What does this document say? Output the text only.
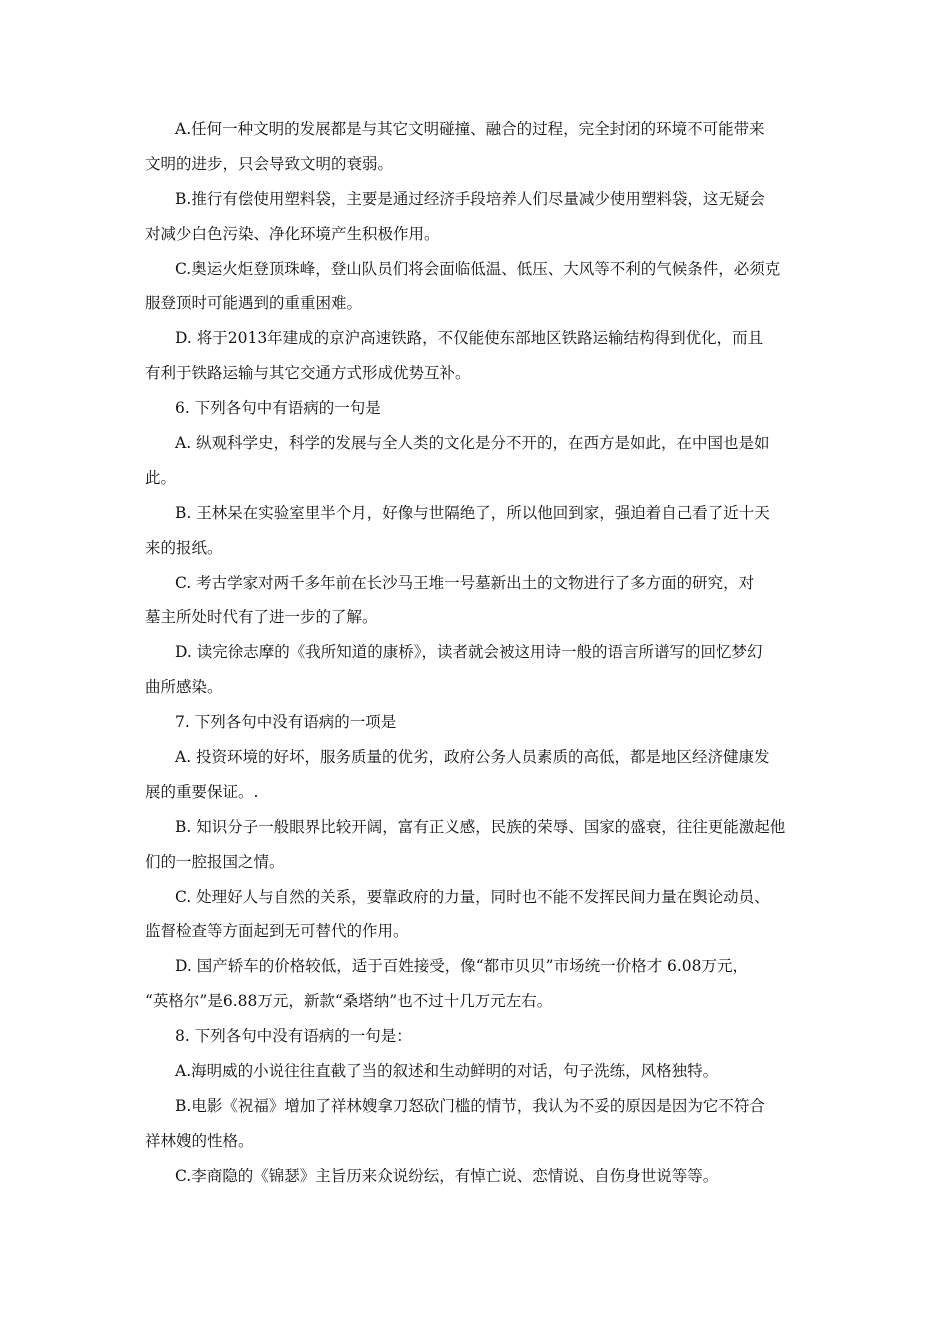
A.任何一种文明的发展都是与其它文明碰撞、融合的过程，完全封闭的环境不可能带来
文明的进步，只会导致文明的衰弱。
B.推行有偿使用塑料袋，主要是通过经济手段培养人们尽量减少使用塑料袋，这无疑会
对减少白色污染、净化环境产生积极作用。
C.奥运火炬登顶珠峰，登山队员们将会面临低温、低压、大风等不利的气候条件，必须克
服登顶时可能遇到的重重困难。
D. 将于2013年建成的京沪高速铁路，不仅能使东部地区铁路运输结构得到优化，而且
有利于铁路运输与其它交通方式形成优势互补。
6. 下列各句中有语病的一句是
A. 纵观科学史，科学的发展与全人类的文化是分不开的，在西方是如此，在中国也是如
此。
B. 王林呆在实验室里半个月，好像与世隔绝了，所以他回到家，强迫着自己看了近十天
来的报纸。
C. 考古学家对两千多年前在长沙马王堆一号墓新出土的文物进行了多方面的研究，对
墓主所处时代有了进一步的了解。
D. 读完徐志摩的《我所知道的康桥》，读者就会被这用诗一般的语言所谱写的回忆梦幻
曲所感染。
7. 下列各句中没有语病的一项是
A. 投资环境的好坏，服务质量的优劣，政府公务人员素质的高低，都是地区经济健康发
展的重要保证。.
B. 知识分子一般眼界比较开阔，富有正义感，民族的荣辱、国家的盛衰，往往更能激起他
们的一腔报国之情。
C. 处理好人与自然的关系，要靠政府的力量，同时也不能不发挥民间力量在舆论动员、
监督检查等方面起到无可替代的作用。
D. 国产轿车的价格较低，适于百姓接受，像“都市贝贝”市场统一价格才 6.08万元，
“英格尔”是6.88万元，新款“桑塔纳”也不过十几万元左右。
8. 下列各句中没有语病的一句是：
A.海明威的小说往往直截了当的叙述和生动鲜明的对话，句子洗练，风格独特。
B.电影《祝福》增加了祥林嫂拿刀怒砍门槛的情节，我认为不妥的原因是因为它不符合
祥林嫂的性格。
C.李商隐的《锦瑟》主旨历来众说纷纭，有悼亡说、恋情说、自伤身世说等等。
